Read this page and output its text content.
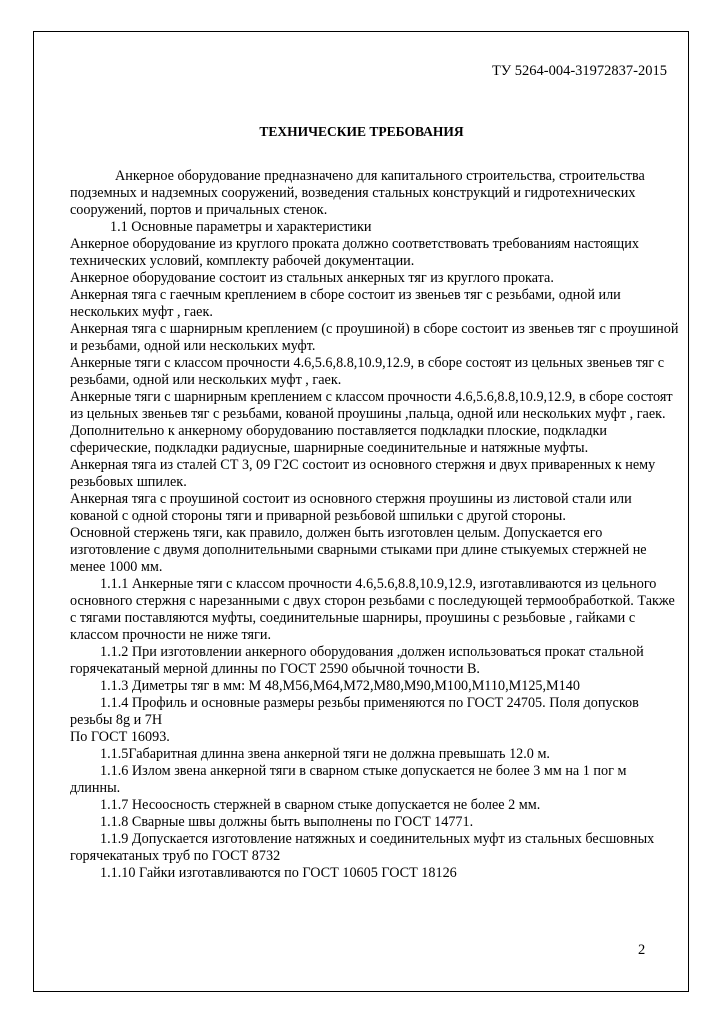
ТУ 5264-004-31972837-2015
ТЕХНИЧЕСКИЕ ТРЕБОВАНИЯ

Анкерное оборудование предназначено для капитального строительства, строительства подземных и надземных сооружений, возведения стальных конструкций и гидротехнических сооружений, портов и причальных стенок.

1.1 Основные параметры и характеристики

Анкерное оборудование из круглого проката должно соответствовать требованиям настоящих технических условий, комплекту рабочей документации.

Анкерное оборудование состоит из стальных анкерных тяг из круглого проката.

Анкерная тяга с гаечным креплением в сборе состоит из звеньев тяг с резьбами, одной или нескольких муфт , гаек.

Анкерная тяга с шарнирным креплением (с проушиной) в сборе состоит из звеньев тяг с проушиной и резьбами, одной или нескольких муфт.

Анкерные тяги с классом прочности 4.6,5.6,8.8,10.9,12.9, в сборе состоят из цельных звеньев тяг с резьбами, одной или нескольких муфт , гаек.

Анкерные тяги с шарнирным креплением с классом прочности 4.6,5.6,8.8,10.9,12.9, в сборе состоят из цельных звеньев тяг с резьбами, кованой проушины ,пальца, одной или нескольких муфт , гаек.

Дополнительно к анкерному оборудованию поставляется подкладки плоские, подкладки сферические, подкладки радиусные, шарнирные соединительные и натяжные муфты.

Анкерная тяга из сталей СТ 3, 09 Г2С состоит из основного стержня и двух приваренных к нему резьбовых шпилек.

Анкерная тяга с проушиной состоит из основного стержня проушины из листовой стали или кованой с одной стороны тяги и приварной резьбовой шпильки с другой стороны.

Основной стержень тяги, как правило, должен быть изготовлен целым. Допускается его изготовление с двумя дополнительными сварными стыками при длине стыкуемых стержней не менее 1000 мм.

1.1.1 Анкерные тяги с классом прочности 4.6,5.6,8.8,10.9,12.9, изготавливаются из цельного основного стержня с нарезанными с двух сторон резьбами с последующей термообработкой. Также с тягами поставляются муфты, соединительные шарниры, проушины с резьбовые , гайками с классом прочности не ниже тяги.

1.1.2 При изготовлении анкерного оборудования ,должен использоваться прокат стальной горячекатаный мерной длинны по ГОСТ 2590 обычной точности В.

1.1.3 Диметры тяг в мм: М 48,М56,М64,М72,М80,М90,М100,М110,М125,М140

1.1.4 Профиль и основные размеры резьбы применяются по ГОСТ 24705. Поля допусков резьбы 8g и 7H

По ГОСТ 16093.

1.1.5Габаритная длинна звена анкерной тяги не должна превышать 12.0 м.

1.1.6 Излом звена анкерной тяги в сварном стыке допускается не более 3 мм на 1 пог м длинны.

1.1.7 Несоосность стержней в сварном стыке допускается не более 2 мм.

1.1.8 Сварные швы должны быть выполнены по ГОСТ 14771.

1.1.9 Допускается изготовление натяжных и соединительных муфт из стальных бесшовных горячекатаных труб по ГОСТ 8732

1.1.10 Гайки изготавливаются по ГОСТ 10605 ГОСТ 18126

2
